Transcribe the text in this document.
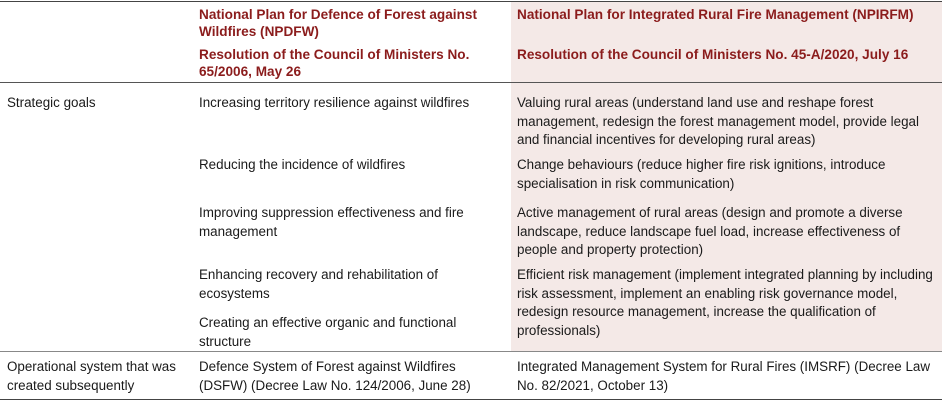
National Plan for Defence of Forest against Wildfires (NPDFW)
Resolution of the Council of Ministers No. 65/2006, May 26
National Plan for Integrated Rural Fire Management (NPIRFM)
Resolution of the Council of Ministers No. 45-A/2020, July 16
Strategic goals	Increasing territory resilience against wildfires
Reducing the incidence of wildfires
Improving suppression effectiveness and fire management
Enhancing recovery and rehabilitation of ecosystems
Creating an effective organic and functional structure
Valuing rural areas (understand land use and reshape forest management, redesign the forest management model, provide legal and financial incentives for developing rural areas)
Change behaviours (reduce higher fire risk ignitions, introduce specialisation in risk communication)
Active management of rural areas (design and promote a diverse landscape, reduce landscape fuel load, increase effectiveness of people and property protection)
Efficient risk management (implement integrated planning by including risk assessment, implement an enabling risk governance model, redesign resource management, increase the qualification of professionals)
Operational system that was created subsequently
Defence System of Forest against Wildfires (DSFW) (Decree Law No. 124/2006, June 28)
Integrated Management System for Rural Fires (IMSRF) (Decree Law No. 82/2021, October 13)
